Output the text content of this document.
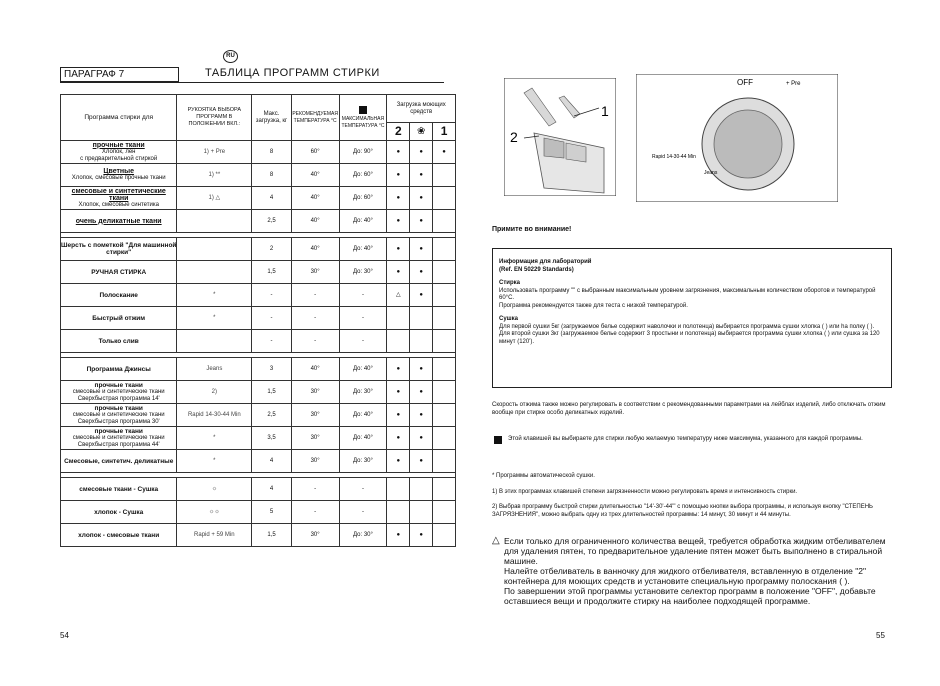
RU
ПАРАГРАФ 7	ТАБЛИЦА ПРОГРАММ СТИРКИ
Программа стирки для	РУКОЯТКА ВЫБОРА ПРОГРАММ В ПОЛОЖЕНИИ ВКЛ.:	Макс. загрузка, кг	РЕКОМЕНДУЕМАЯ ТЕМПЕРАТУРА °С	МАКСИМАЛЬНАЯ ТЕМПЕРАТУРА °С	Загрузка моющих средств		
					2	❀	1

прочные ткани
Хлопок, лен
с предварительной стиркой	1) + Pre	8	60°	До: 90°	●	●	●

Цветные
Хлопок, смесовые прочные ткани	1) **	8	40°	До: 60°	●	●	

смесовые и синтетические ткани
Хлопок, смесовые синтетика	1) △	4	40°	До: 60°	●	●	

очень деликатные ткани		2,5	40°	До: 40°	●	●	

Шерсть с пометкой "Для машинной стирки"		2	40°	До: 40°	●	●	

РУЧНАЯ СТИРКА		1,5	30°	До: 30°	●	●	

Полоскание	*	-	-	-	△	●	

Быстрый отжим	*	-	-	-			

Только слив		-	-	-			

Программа Джинсы	Jeans	3	40°	До: 40°	●	●	

прочные ткани
смесовые и синтетические ткани
Сверхбыстрая программа 14'	2)	1,5	30°	До: 30°	●	●	

прочные ткани
смесовые и синтетические ткани
Сверхбыстрая программа 30'	Rapid 14-30-44 Min	2,5	30°	До: 40°	●	●	

прочные ткани
смесовые и синтетические ткани
Сверхбыстрая программа 44'	*	3,5	30°	До: 40°	●	●	

Смесовые, синтетич. деликатные	*	4	30°	До: 30°	●	●	

смесовые ткани - Сушка	☼	4	-	-			

хлопок - Сушка	☼☼	5	-	-			

хлопок - смесовые ткани	Rapid + 59 Min	1,5	30°	До: 30°	●	●	
54
1
2
OFF	+ Pre
Rapid 14-30-44 Min
Jeans
Примите во внимание!
Информация для лабораторий
(Ref. EN 50229 Standards)
Стирка
Использовать программу "" с выбранным максимальным уровнем загрязнения, максимальным количеством оборотов и температурой 60°C.
Программа рекомендуется также для теста с низкой температурой.
Сушка
Для первой сушки 5кг (загружаемое белье содержит наволочки и полотенца) выбирается программа сушки хлопка ( ) или ha полку ( ).
Для второй сушки 3кг (загружаемое белье содержит 3 простыни и полотенца) выбирается программа сушки хлопка ( ) или сушка за 120 минут (120').
Скорость отжима также можно регулировать в соответствии с рекомендованными параметрами на лейблах изделий, либо отключать отжим вообще при стирке особо деликатных изделий.
Этой клавишей вы выбираете для стирки любую желаемую температуру ниже максимума, указанного для каждой программы.
* Программы автоматической сушки.
1) В этих программах клавишей степени загрязненности можно регулировать время и интенсивность стирки.
2) Выбрав программу быстрой стирки длительностью "14'-30'-44'" с помощью кнопки выбора программы, и используя кнопку "СТЕПЕНЬ ЗАГРЯЗНЕНИЯ", можно выбрать одну из трех длительностей программы: 14 минут, 30 минут и 44 минуты.
△ Если только для ограниченного количества вещей, требуется обработка жидким отбеливателем для удаления пятен, то предварительное удаление пятен может быть выполнено в стиральной машине.
Налейте отбеливатель в ванночку для жидкого отбеливателя, вставленную в отделение "2" контейнера для моющих средств и установите специальную программу полоскания ( ).
По завершении этой программы установите селектор программ в положение "OFF", добавьте оставшиеся вещи и продолжите стирку на наиболее подходящей программе.
55
